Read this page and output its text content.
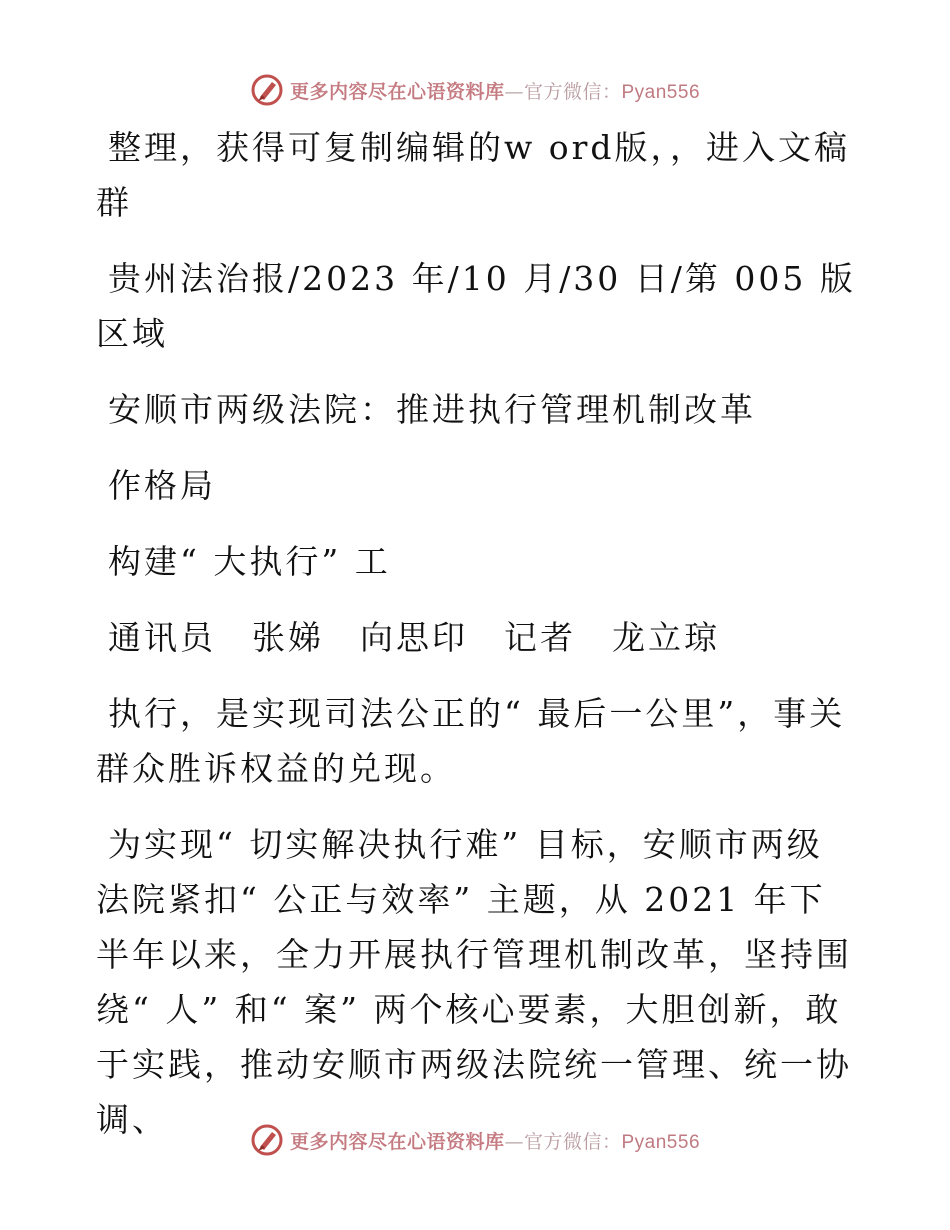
更多内容尽在心语资料库—官方微信：Pyan556

整理，获得可复制编辑的w ord版，，进入文稿群

贵州法治报/2023 年/10 月/30 日/第 005 版区域

安顺市两级法院：推进执行管理机制改革

作格局

构建“ 大执行” 工

通讯员　张娣　向思印　记者　龙立琼

执行，是实现司法公正的“ 最后一公里”，事关群众胜诉权益的兑现。

为实现“ 切实解决执行难” 目标，安顺市两级法院紧扣“ 公正与效率” 主题，从 2021 年下半年以来，全力开展执行管理机制改革，坚持围绕“ 人” 和“ 案” 两个核心要素，大胆创新，敢于实践，推动安顺市两级法院统一管理、统一协调、

更多内容尽在心语资料库—官方微信：Pyan556
